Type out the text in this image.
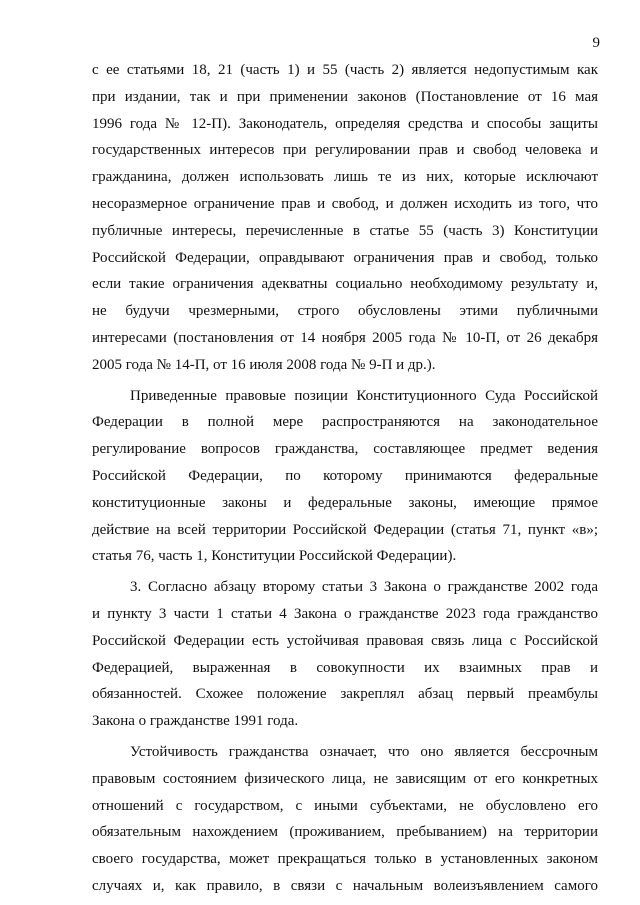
9
с ее статьями 18, 21 (часть 1) и 55 (часть 2) является недопустимым как
при издании, так и при применении законов (Постановление от 16 мая
1996 года № 12-П). Законодатель, определяя средства и способы защиты
государственных интересов при регулировании прав и свобод человека и
гражданина, должен использовать лишь те из них, которые исключают
несоразмерное ограничение прав и свобод, и должен исходить из того, что
публичные интересы, перечисленные в статье 55 (часть 3) Конституции
Российской Федерации, оправдывают ограничения прав и свобод, только
если такие ограничения адекватны социально необходимому результату и,
не будучи чрезмерными, строго обусловлены этими публичными
интересами (постановления от 14 ноября 2005 года № 10-П, от 26 декабря
2005 года № 14-П, от 16 июля 2008 года № 9-П и др.).
Приведенные правовые позиции Конституционного Суда Российской
Федерации в полной мере распространяются на законодательное
регулирование вопросов гражданства, составляющее предмет ведения
Российской Федерации, по которому принимаются федеральные
конституционные законы и федеральные законы, имеющие прямое
действие на всей территории Российской Федерации (статья 71, пункт «в»;
статья 76, часть 1, Конституции Российской Федерации).
3. Согласно абзацу второму статьи 3 Закона о гражданстве 2002 года
и пункту 3 части 1 статьи 4 Закона о гражданстве 2023 года гражданство
Российской Федерации есть устойчивая правовая связь лица с Российской
Федерацией, выраженная в совокупности их взаимных прав и
обязанностей. Схожее положение закреплял абзац первый преамбулы
Закона о гражданстве 1991 года.
Устойчивость гражданства означает, что оно является бессрочным
правовым состоянием физического лица, не зависящим от его конкретных
отношений с государством, с иными субъектами, не обусловлено его
обязательным нахождением (проживанием, пребыванием) на территории
своего государства, может прекращаться только в установленных законом
случаях и, как правило, в связи с начальным волеизъявлением самого
